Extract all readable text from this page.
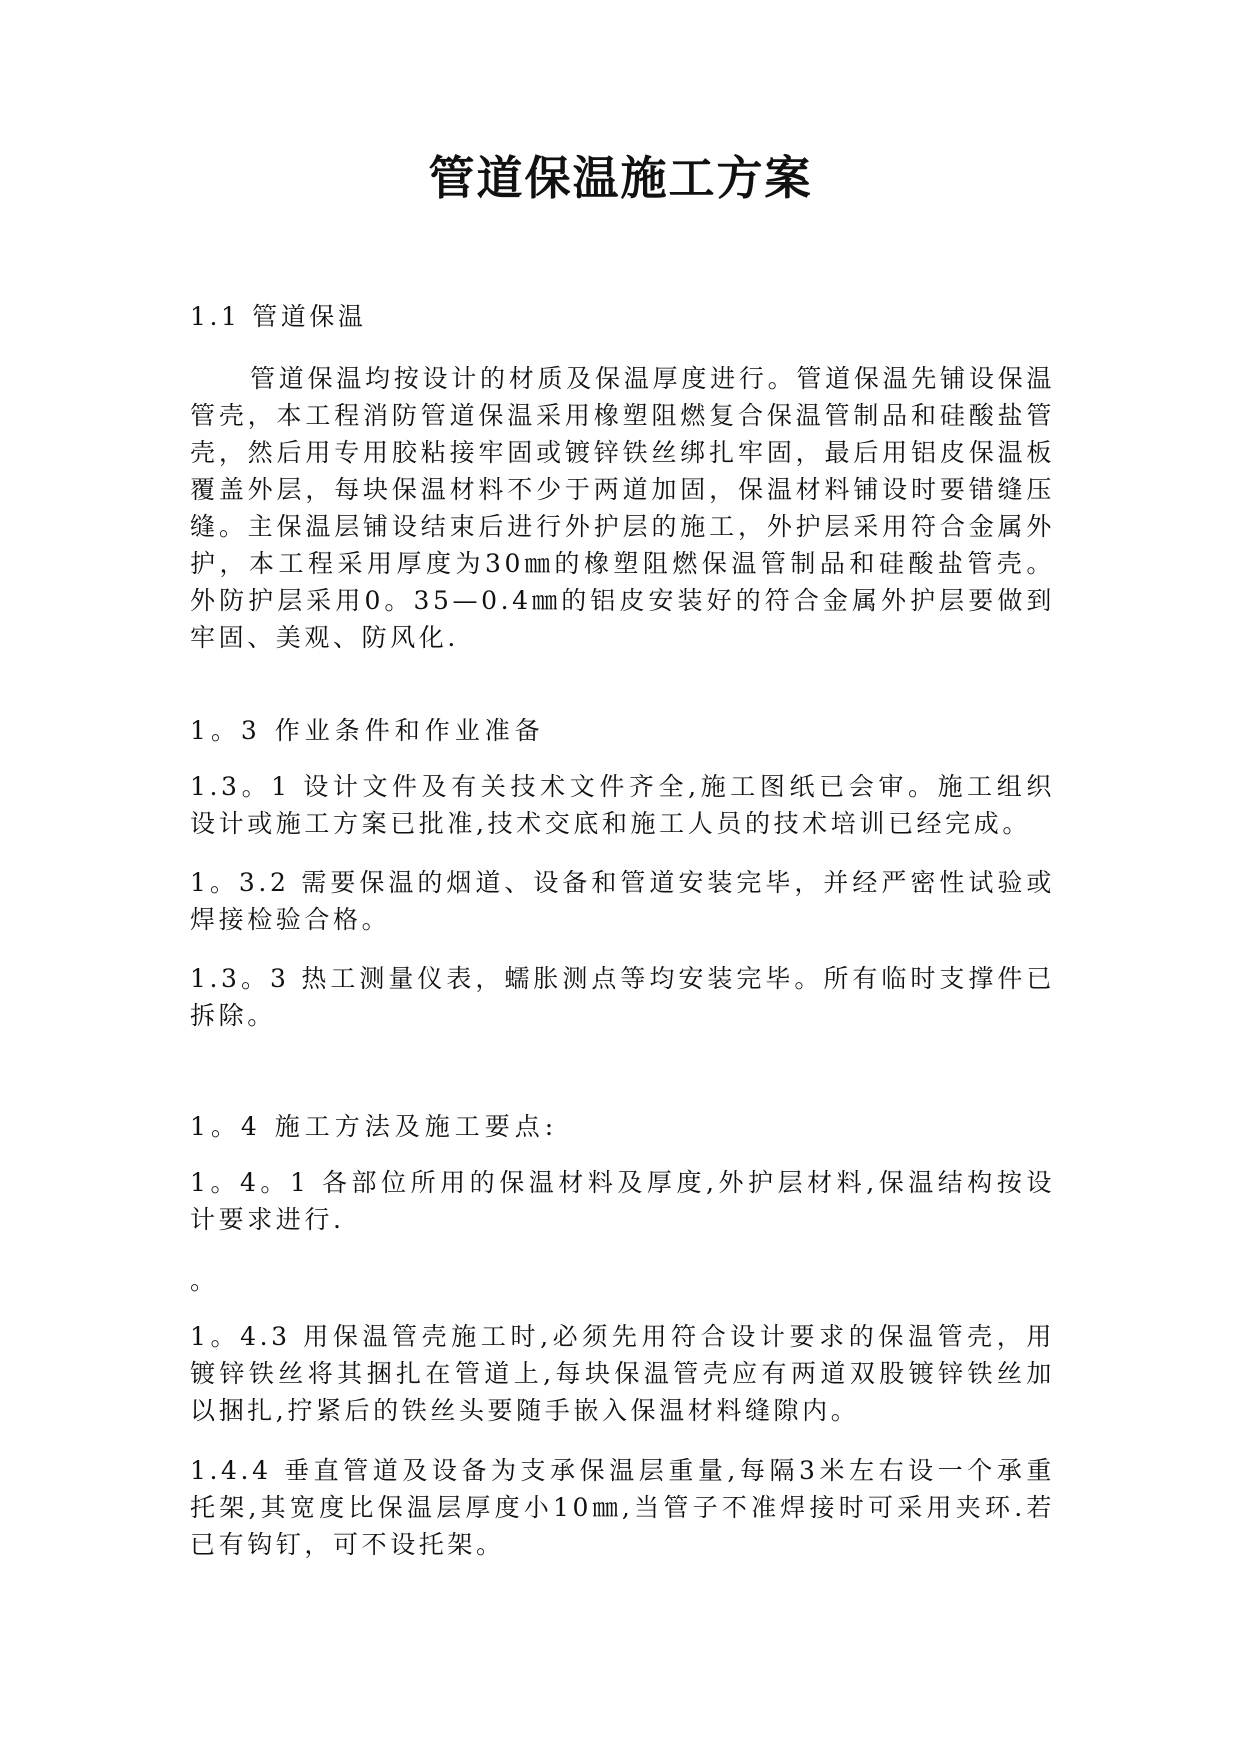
管道保温施工方案
1.1 管道保温
管道保温均按设计的材质及保温厚度进行。管道保温先铺设保温管壳，本工程消防管道保温采用橡塑阻燃复合保温管制品和硅酸盐管壳，然后用专用胶粘接牢固或镀锌铁丝绑扎牢固，最后用铝皮保温板覆盖外层，每块保温材料不少于两道加固，保温材料铺设时要错缝压缝。主保温层铺设结束后进行外护层的施工，外护层采用符合金属外护，本工程采用厚度为30㎜的橡塑阻燃保温管制品和硅酸盐管壳。外防护层采用0。35—0.4㎜的铝皮安装好的符合金属外护层要做到牢固、美观、防风化.
1。3 作业条件和作业准备
1.3。1 设计文件及有关技术文件齐全,施工图纸已会审。施工组织设计或施工方案已批准,技术交底和施工人员的技术培训已经完成。
1。3.2 需要保温的烟道、设备和管道安装完毕，并经严密性试验或焊接检验合格。
1.3。3 热工测量仪表，蠕胀测点等均安装完毕。所有临时支撑件已拆除。
1。4 施工方法及施工要点:
1。4。1 各部位所用的保温材料及厚度,外护层材料,保温结构按设计要求进行.
。
1。4.3 用保温管壳施工时,必须先用符合设计要求的保温管壳，用镀锌铁丝将其捆扎在管道上,每块保温管壳应有两道双股镀锌铁丝加以捆扎,拧紧后的铁丝头要随手嵌入保温材料缝隙内。
1.4.4 垂直管道及设备为支承保温层重量,每隔3米左右设一个承重托架,其宽度比保温层厚度小10㎜,当管子不准焊接时可采用夹环.若已有钩钉，可不设托架。
